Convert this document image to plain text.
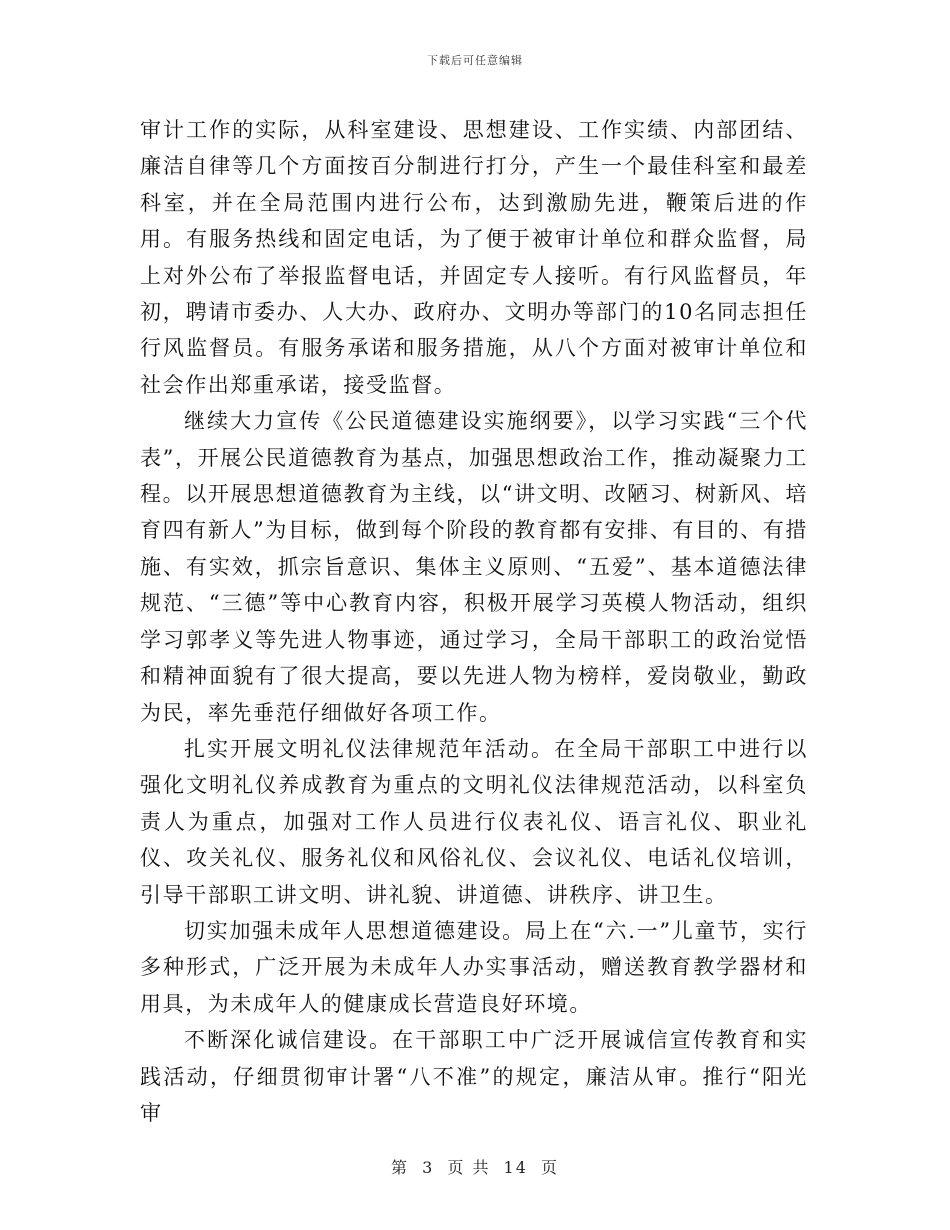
下载后可任意编辑

审计工作的实际，从科室建设、思想建设、工作实绩、内部团结、廉洁自律等几个方面按百分制进行打分，产生一个最佳科室和最差科室，并在全局范围内进行公布，达到激励先进，鞭策后进的作用。有服务热线和固定电话，为了便于被审计单位和群众监督，局上对外公布了举报监督电话，并固定专人接听。有行风监督员，年初，聘请市委办、人大办、政府办、文明办等部门的10名同志担任行风监督员。有服务承诺和服务措施，从八个方面对被审计单位和社会作出郑重承诺，接受监督。

继续大力宣传《公民道德建设实施纲要》，以学习实践“三个代表”，开展公民道德教育为基点，加强思想政治工作，推动凝聚力工程。以开展思想道德教育为主线，以“讲文明、改陋习、树新风、培育四有新人”为目标，做到每个阶段的教育都有安排、有目的、有措施、有实效，抓宗旨意识、集体主义原则、“五爱”、基本道德法律规范、“三德”等中心教育内容，积极开展学习英模人物活动，组织学习郭孝义等先进人物事迹，通过学习，全局干部职工的政治觉悟和精神面貌有了很大提高，要以先进人物为榜样，爱岗敬业，勤政为民，率先垂范仔细做好各项工作。

扎实开展文明礼仪法律规范年活动。在全局干部职工中进行以强化文明礼仪养成教育为重点的文明礼仪法律规范活动，以科室负责人为重点，加强对工作人员进行仪表礼仪、语言礼仪、职业礼仪、攻关礼仪、服务礼仪和风俗礼仪、会议礼仪、电话礼仪培训，引导干部职工讲文明、讲礼貌、讲道德、讲秩序、讲卫生。

切实加强未成年人思想道德建设。局上在“六.一”儿童节，实行多种形式，广泛开展为未成年人办实事活动，赠送教育教学器材和用具，为未成年人的健康成长营造良好环境。

不断深化诚信建设。在干部职工中广泛开展诚信宣传教育和实践活动，仔细贯彻审计署“八不准”的规定，廉洁从审。推行“阳光审

第 3 页 共 14 页
